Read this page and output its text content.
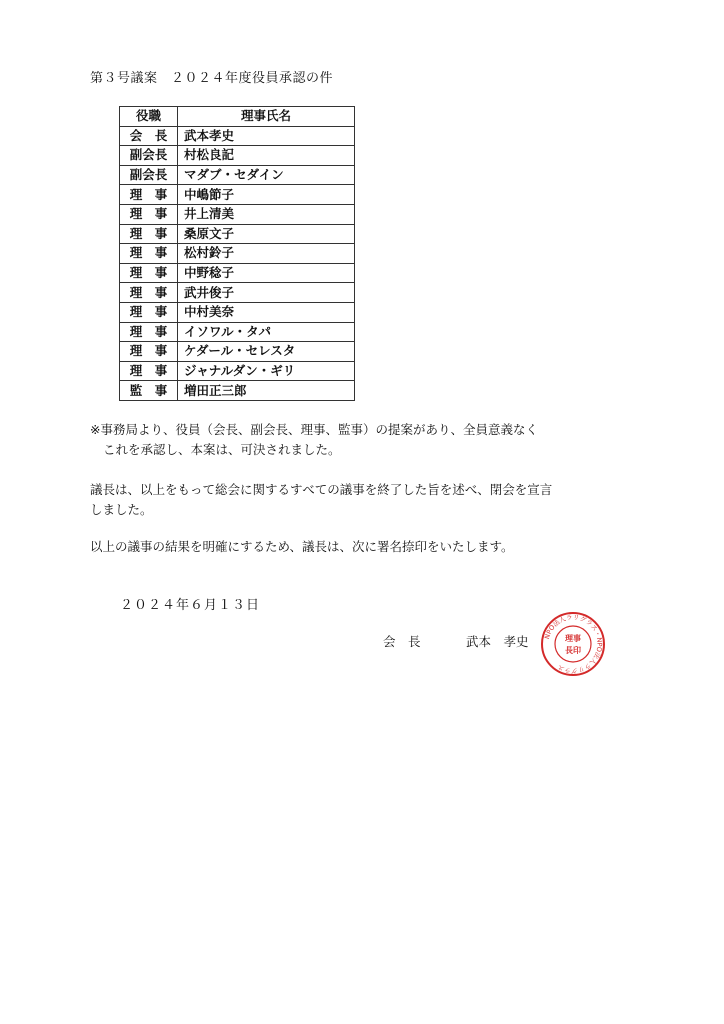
第３号議案　２０２４年度役員承認の件
役職	理事氏名
会　長	武本孝史
副会長	村松良記
副会長	マダブ・セダイン
理　事	中嶋節子
理　事	井上清美
理　事	桑原文子
理　事	松村鈴子
理　事	中野稔子
理　事	武井俊子
理　事	中村美奈
理　事	イソワル・タパ
理　事	ケダール・セレスタ
理　事	ジャナルダン・ギリ
監　事	増田正三郎
※事務局より、役員（会長、副会長、理事、監事）の提案があり、全員意義なく
これを承認し、本案は、可決されました。
議長は、以上をもって総会に関するすべての議事を終了した旨を述べ、閉会を宣言
しました。
以上の議事の結果を明確にするため、議長は、次に署名捺印をいたします。
２０２４年６月１３日
会　長	武本　孝史 NPO法人ラリグラス・NPO法人ラリグラス
理事
長印
